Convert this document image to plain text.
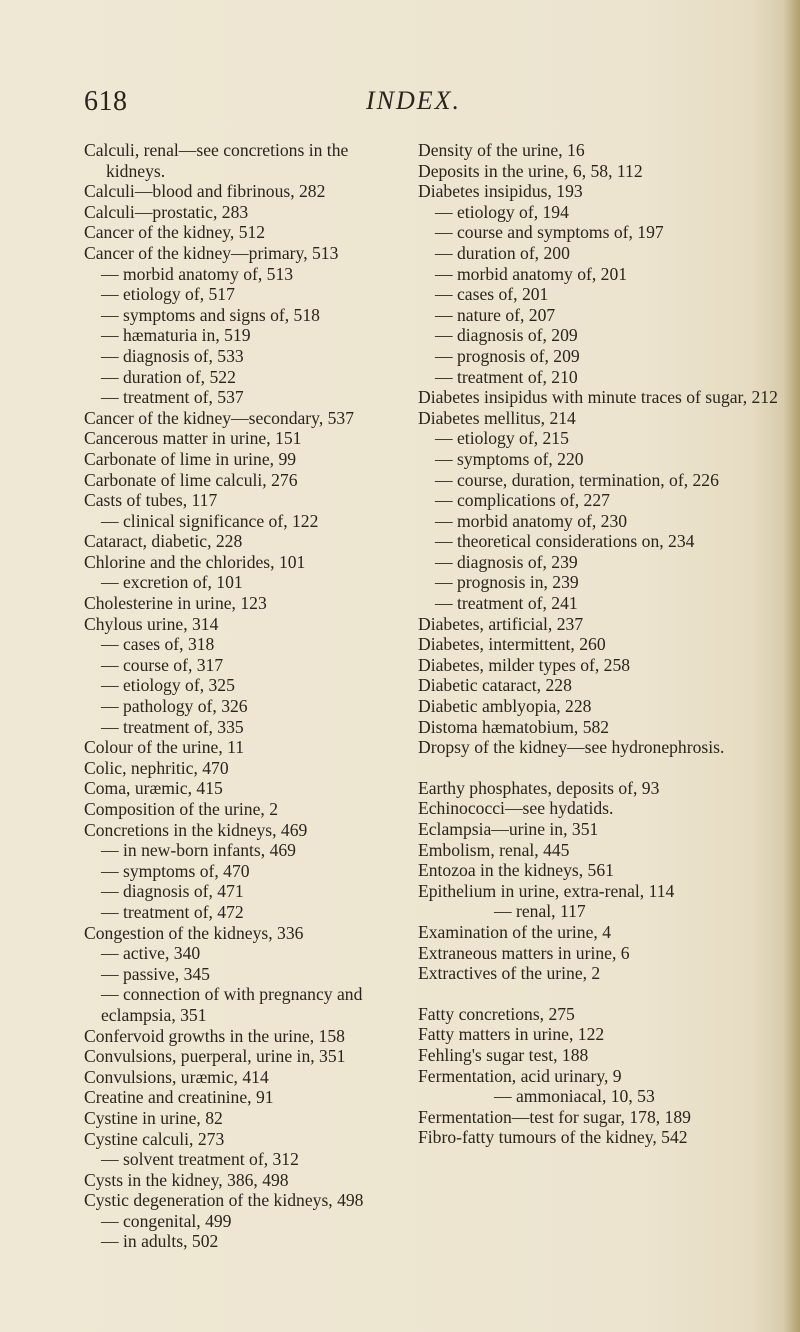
618	INDEX.
Calculi, renal—see concretions in the kidneys.
Calculi—blood and fibrinous, 282
Calculi—prostatic, 283
Cancer of the kidney, 512
Cancer of the kidney—primary, 513
— morbid anatomy of, 513
— etiology of, 517
— symptoms and signs of, 518
— hæmaturia in, 519
— diagnosis of, 533
— duration of, 522
— treatment of, 537
Cancer of the kidney—secondary, 537
Cancerous matter in urine, 151
Carbonate of lime in urine, 99
Carbonate of lime calculi, 276
Casts of tubes, 117
— clinical significance of, 122
Cataract, diabetic, 228
Chlorine and the chlorides, 101
— excretion of, 101
Cholesterine in urine, 123
Chylous urine, 314
— cases of, 318
— course of, 317
— etiology of, 325
— pathology of, 326
— treatment of, 335
Colour of the urine, 11
Colic, nephritic, 470
Coma, uræmic, 415
Composition of the urine, 2
Concretions in the kidneys, 469
— in new-born infants, 469
— symptoms of, 470
— diagnosis of, 471
— treatment of, 472
Congestion of the kidneys, 336
— active, 340
— passive, 345
— connection of with pregnancy and eclampsia, 351
Confervoid growths in the urine, 158
Convulsions, puerperal, urine in, 351
Convulsions, uræmic, 414
Creatine and creatinine, 91
Cystine in urine, 82
Cystine calculi, 273
— solvent treatment of, 312
Cysts in the kidney, 386, 498
Cystic degeneration of the kidneys, 498
— congenital, 499
— in adults, 502
Density of the urine, 16
Deposits in the urine, 6, 58, 112
Diabetes insipidus, 193
— etiology of, 194
— course and symptoms of, 197
— duration of, 200
— morbid anatomy of, 201
— cases of, 201
— nature of, 207
— diagnosis of, 209
— prognosis of, 209
— treatment of, 210
Diabetes insipidus with minute traces of sugar, 212
Diabetes mellitus, 214
— etiology of, 215
— symptoms of, 220
— course, duration, termination, of, 226
— complications of, 227
— morbid anatomy of, 230
— theoretical considerations on, 234
— diagnosis of, 239
— prognosis in, 239
— treatment of, 241
Diabetes, artificial, 237
Diabetes, intermittent, 260
Diabetes, milder types of, 258
Diabetic cataract, 228
Diabetic amblyopia, 228
Distoma hæmatobium, 582
Dropsy of the kidney—see hydronephrosis.
Earthy phosphates, deposits of, 93
Echinococci—see hydatids.
Eclampsia—urine in, 351
Embolism, renal, 445
Entozoa in the kidneys, 561
Epithelium in urine, extra-renal, 114
— renal, 117
Examination of the urine, 4
Extraneous matters in urine, 6
Extractives of the urine, 2
Fatty concretions, 275
Fatty matters in urine, 122
Fehling's sugar test, 188
Fermentation, acid urinary, 9
— ammoniacal, 10, 53
Fermentation—test for sugar, 178, 189
Fibro-fatty tumours of the kidney, 542
